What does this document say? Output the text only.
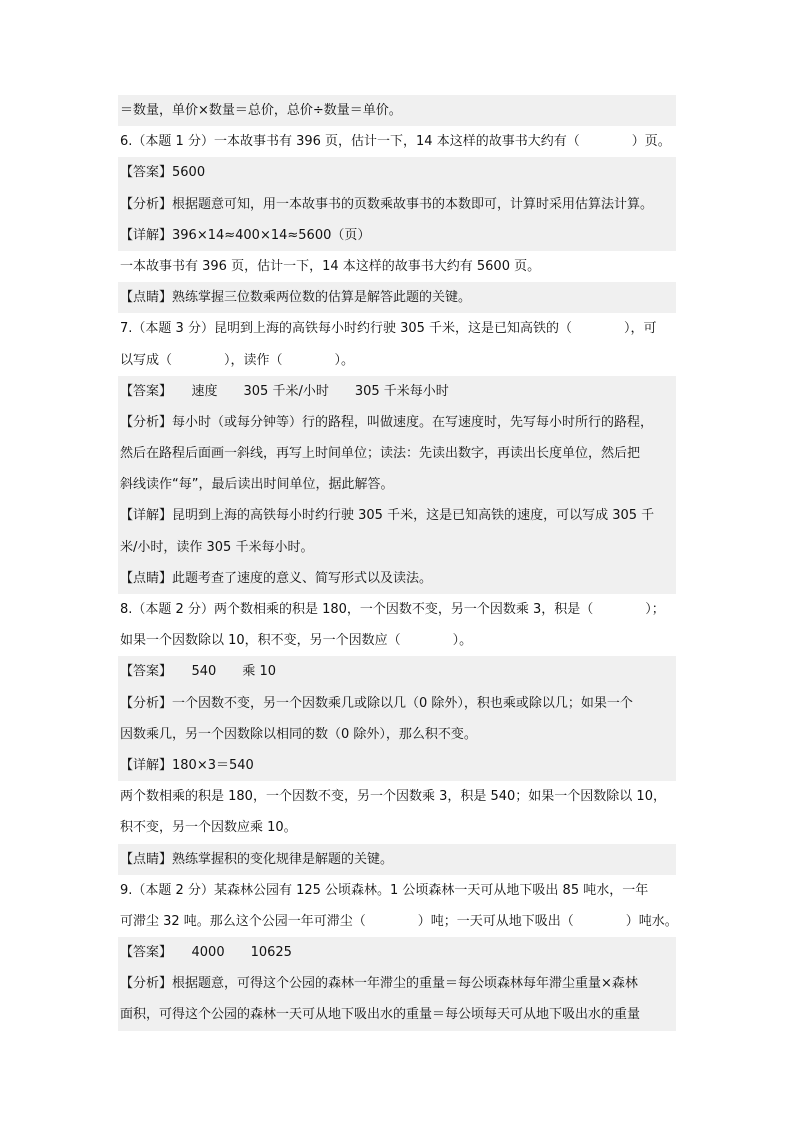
＝数量，单价×数量＝总价，总价÷数量＝单价。
6.（本题 1 分）一本故事书有 396 页，估计一下，14 本这样的故事书大约有（　　　　）页。
【答案】5600
【分析】根据题意可知，用一本故事书的页数乘故事书的本数即可，计算时采用估算法计算。
【详解】396×14≈400×14≈5600（页）
一本故事书有 396 页，估计一下，14 本这样的故事书大约有 5600 页。
【点睛】熟练掌握三位数乘两位数的估算是解答此题的关键。
7.（本题 3 分）昆明到上海的高铁每小时约行驶 305 千米，这是已知高铁的（　　　　），可
以写成（　　　　），读作（　　　　）。
【答案】　　速度　　305 千米/小时　　305 千米每小时
【分析】每小时（或每分钟等）行的路程，叫做速度。在写速度时，先写每小时所行的路程，
然后在路程后面画一斜线，再写上时间单位；读法：先读出数字，再读出长度单位，然后把
斜线读作“每”，最后读出时间单位，据此解答。
【详解】昆明到上海的高铁每小时约行驶 305 千米，这是已知高铁的速度，可以写成 305 千
米/小时，读作 305 千米每小时。
【点睛】此题考查了速度的意义、简写形式以及读法。
8.（本题 2 分）两个数相乘的积是 180，一个因数不变，另一个因数乘 3，积是（　　　　）；
如果一个因数除以 10，积不变，另一个因数应（　　　　）。
【答案】　　540　　乘 10
【分析】一个因数不变，另一个因数乘几或除以几（0 除外），积也乘或除以几；如果一个
因数乘几，另一个因数除以相同的数（0 除外），那么积不变。
【详解】180×3＝540
两个数相乘的积是 180，一个因数不变，另一个因数乘 3，积是 540；如果一个因数除以 10，
积不变，另一个因数应乘 10。
【点睛】熟练掌握积的变化规律是解题的关键。
9.（本题 2 分）某森林公园有 125 公顷森林。1 公顷森林一天可从地下吸出 85 吨水，一年
可滞尘 32 吨。那么这个公园一年可滞尘（　　　　）吨；一天可从地下吸出（　　　　）吨水。
【答案】　　4000　　10625
【分析】根据题意，可得这个公园的森林一年滞尘的重量＝每公顷森林每年滞尘重量×森林
面积，可得这个公园的森林一天可从地下吸出水的重量＝每公顷每天可从地下吸出水的重量
